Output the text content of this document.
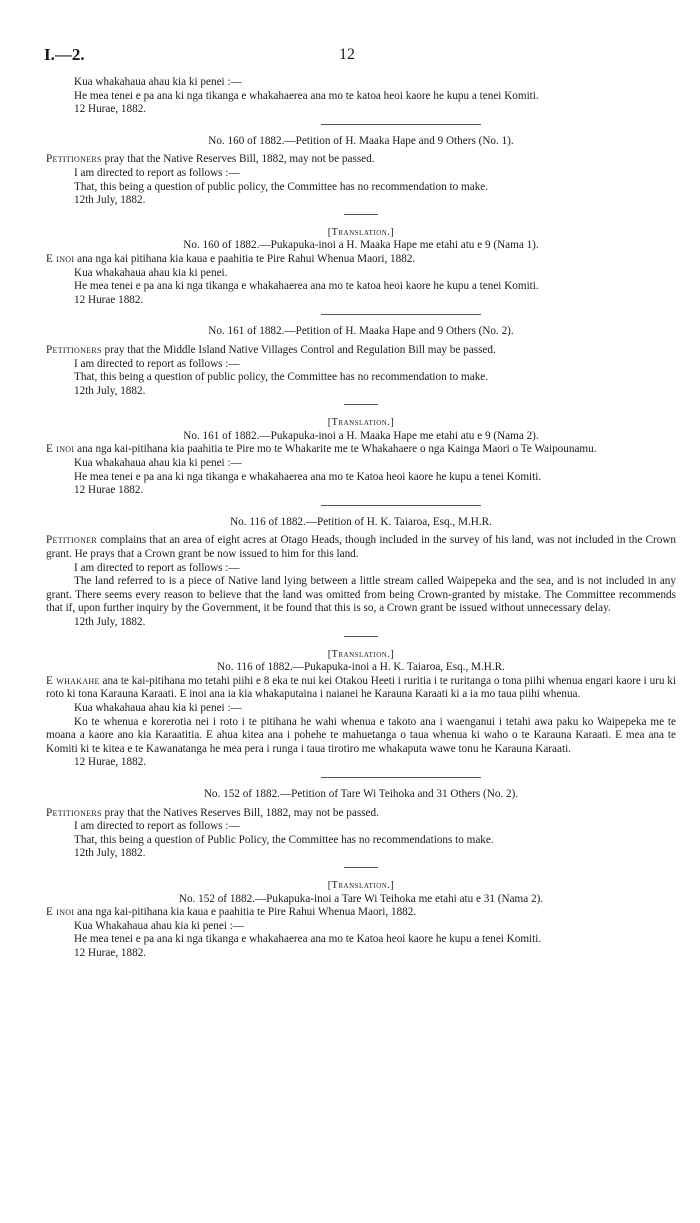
I.—2.	12

Kua whakahaua ahau kia ki penei :—

He mea tenei e pa ana ki nga tikanga e whakahaerea ana mo te katoa heoi kaore he kupu a tenei Komiti.

12 Hurae, 1882.

No. 160 of 1882.—Petition of H. Maaka Hape and 9 Others (No. 1).

Petitioners pray that the Native Reserves Bill, 1882, may not be passed.

I am directed to report as follows :—

That, this being a question of public policy, the Committee has no recommendation to make.

12th July, 1882.

[Translation.]

No. 160 of 1882.—Pukapuka-inoi a H. Maaka Hape me etahi atu e 9 (Nama 1).

E inoi ana nga kai pitihana kia kaua e paahitia te Pire Rahui Whenua Maori, 1882.

Kua whakahaua ahau kia ki penei.

He mea tenei e pa ana ki nga tikanga e whakahaerea ana mo te katoa heoi kaore he kupu a tenei Komiti.

12 Hurae 1882.

No. 161 of 1882.—Petition of H. Maaka Hape and 9 Others (No. 2).

Petitioners pray that the Middle Island Native Villages Control and Regulation Bill may be passed.

I am directed to report as follows :—

That, this being a question of public policy, the Committee has no recommendation to make.

12th July, 1882.

[Translation.]

No. 161 of 1882.—Pukapuka-inoi a H. Maaka Hape me etahi atu e 9 (Nama 2).

E inoi ana nga kai-pitihana kia paahitia te Pire mo te Whakarite me te Whakahaere o nga Kainga Maori o Te Waipounamu.

Kua whakahaua ahau kia ki penei :—

He mea tenei e pa ana ki nga tikanga e whakahaerea ana mo te Katoa heoi kaore he kupu a tenei Komiti.

12 Hurae 1882.

No. 116 of 1882.—Petition of H. K. Taiaroa, Esq., M.H.R.

Petitioner complains that an area of eight acres at Otago Heads, though included in the survey of his land, was not included in the Crown grant. He prays that a Crown grant be now issued to him for this land.

I am directed to report as follows :—

The land referred to is a piece of Native land lying between a little stream called Waipepeka and the sea, and is not included in any grant. There seems every reason to believe that the land was omitted from being Crown-granted by mistake. The Committee recommends that if, upon further inquiry by the Government, it be found that this is so, a Crown grant be issued without unnecessary delay.

12th July, 1882.

[Translation.]

No. 116 of 1882.—Pukapuka-inoi a H. K. Taiaroa, Esq., M.H.R.

E whakahe ana te kai-pitihana mo tetahi piihi e 8 eka te nui kei Otakou Heeti i ruritia i te ruritanga o tona piihi whenua engari kaore i uru ki roto ki tona Karauna Karaati. E inoi ana ia kia whakaputaina i naianei he Karauna Karaati ki a ia mo taua piihi whenua.

Kua whakahaua ahau kia ki penei :—

Ko te whenua e korerotia nei i roto i te pitihana he wahi whenua e takoto ana i waenganui i tetahi awa paku ko Waipepeka me te moana a kaore ano kia Karaatitia. E ahua kitea ana i pohehe te mahuetanga o taua whenua ki waho o te Karauna Karaati. E mea ana te Komiti ki te kitea e te Kawanatanga he mea pera i runga i taua tirotiro me whakaputa wawe tonu he Karauna Karaati.

12 Hurae, 1882.

No. 152 of 1882.—Petition of Tare Wi Teihoka and 31 Others (No. 2).

Petitioners pray that the Natives Reserves Bill, 1882, may not be passed.

I am directed to report as follows :—

That, this being a question of Public Policy, the Committee has no recommendations to make.

12th July, 1882.

[Translation.]

No. 152 of 1882.—Pukapuka-inoi a Tare Wi Teihoka me etahi atu e 31 (Nama 2).

E inoi ana nga kai-pitihana kia kaua e paahitia te Pire Rahui Whenua Maori, 1882.

Kua Whakahaua ahau kia ki penei :—

He mea tenei e pa ana ki nga tikanga e whakahaerea ana mo te Katoa heoi kaore he kupu a tenei Komiti.

12 Hurae, 1882.
